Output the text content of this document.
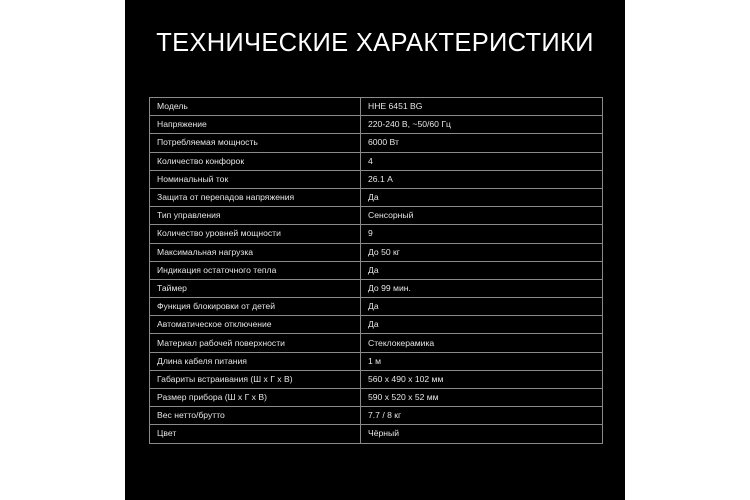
ТЕХНИЧЕСКИЕ ХАРАКТЕРИСТИКИ
Модель	HHE 6451 BG
Напряжение	220-240 В, ~50/60 Гц
Потребляемая мощность	6000 Вт
Количество конфорок	4
Номинальный ток	26.1 А
Защита от перепадов напряжения	Да
Тип управления	Сенсорный
Количество уровней мощности	9
Максимальная нагрузка	До 50 кг
Индикация остаточного тепла	Да
Таймер	До 99 мин.
Функция блокировки от детей	Да
Автоматическое отключение	Да
Материал рабочей поверхности	Стеклокерамика
Длина кабеля питания	1 м
Габариты встраивания (Ш х Г х В)	560 х 490 х 102 мм
Размер прибора (Ш х Г х В)	590 х 520 х 52 мм
Вес нетто/брутто	7.7 / 8 кг
Цвет	Чёрный
